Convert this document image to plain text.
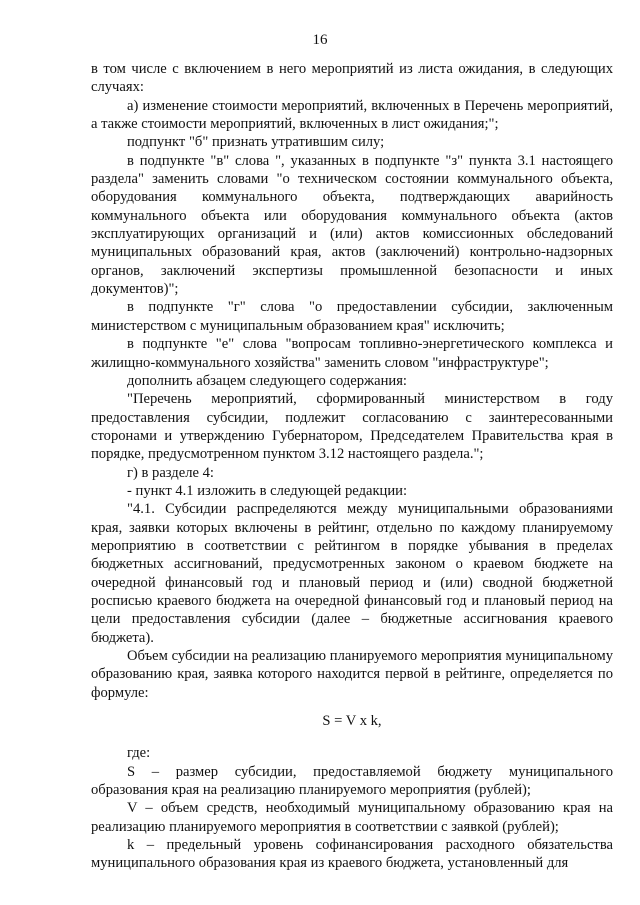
16

в том числе с включением в него мероприятий из листа ожидания, в следующих случаях:

а) изменение стоимости мероприятий, включенных в Перечень мероприятий, а также стоимости мероприятий, включенных в лист ожидания;";

подпункт "б" признать утратившим силу;

в подпункте "в" слова ", указанных в подпункте "з" пункта 3.1 настоящего раздела" заменить словами "о техническом состоянии коммунального объекта, оборудования коммунального объекта, подтверждающих аварийность коммунального объекта или оборудования коммунального объекта (актов эксплуатирующих организаций и (или) актов комиссионных обследований муниципальных образований края, актов (заключений) контрольно-надзорных органов, заключений экспертизы промышленной безопасности и иных документов)";

в подпункте "г" слова "о предоставлении субсидии, заключенным министерством с муниципальным образованием края" исключить;

в подпункте "е" слова "вопросам топливно-энергетического комплекса и жилищно-коммунального хозяйства" заменить словом "инфраструктуре";

дополнить абзацем следующего содержания:

"Перечень мероприятий, сформированный министерством в году предоставления субсидии, подлежит согласованию с заинтересованными сторонами и утверждению Губернатором, Председателем Правительства края в порядке, предусмотренном пунктом 3.12 настоящего раздела.";

г) в разделе 4:

- пункт 4.1 изложить в следующей редакции:

"4.1. Субсидии распределяются между муниципальными образованиями края, заявки которых включены в рейтинг, отдельно по каждому планируемому мероприятию в соответствии с рейтингом в порядке убывания в пределах бюджетных ассигнований, предусмотренных законом о краевом бюджете на очередной финансовый год и плановый период и (или) сводной бюджетной росписью краевого бюджета на очередной финансовый год и плановый период на цели предоставления субсидии (далее – бюджетные ассигнования краевого бюджета).

Объем субсидии на реализацию планируемого мероприятия муниципальному образованию края, заявка которого находится первой в рейтинге, определяется по формуле:

S = V x k,

где:

S – размер субсидии, предоставляемой бюджету муниципального образования края на реализацию планируемого мероприятия (рублей);

V – объем средств, необходимый муниципальному образованию края на реализацию планируемого мероприятия в соответствии с заявкой (рублей);

k – предельный уровень софинансирования расходного обязательства муниципального образования края из краевого бюджета, установленный для
